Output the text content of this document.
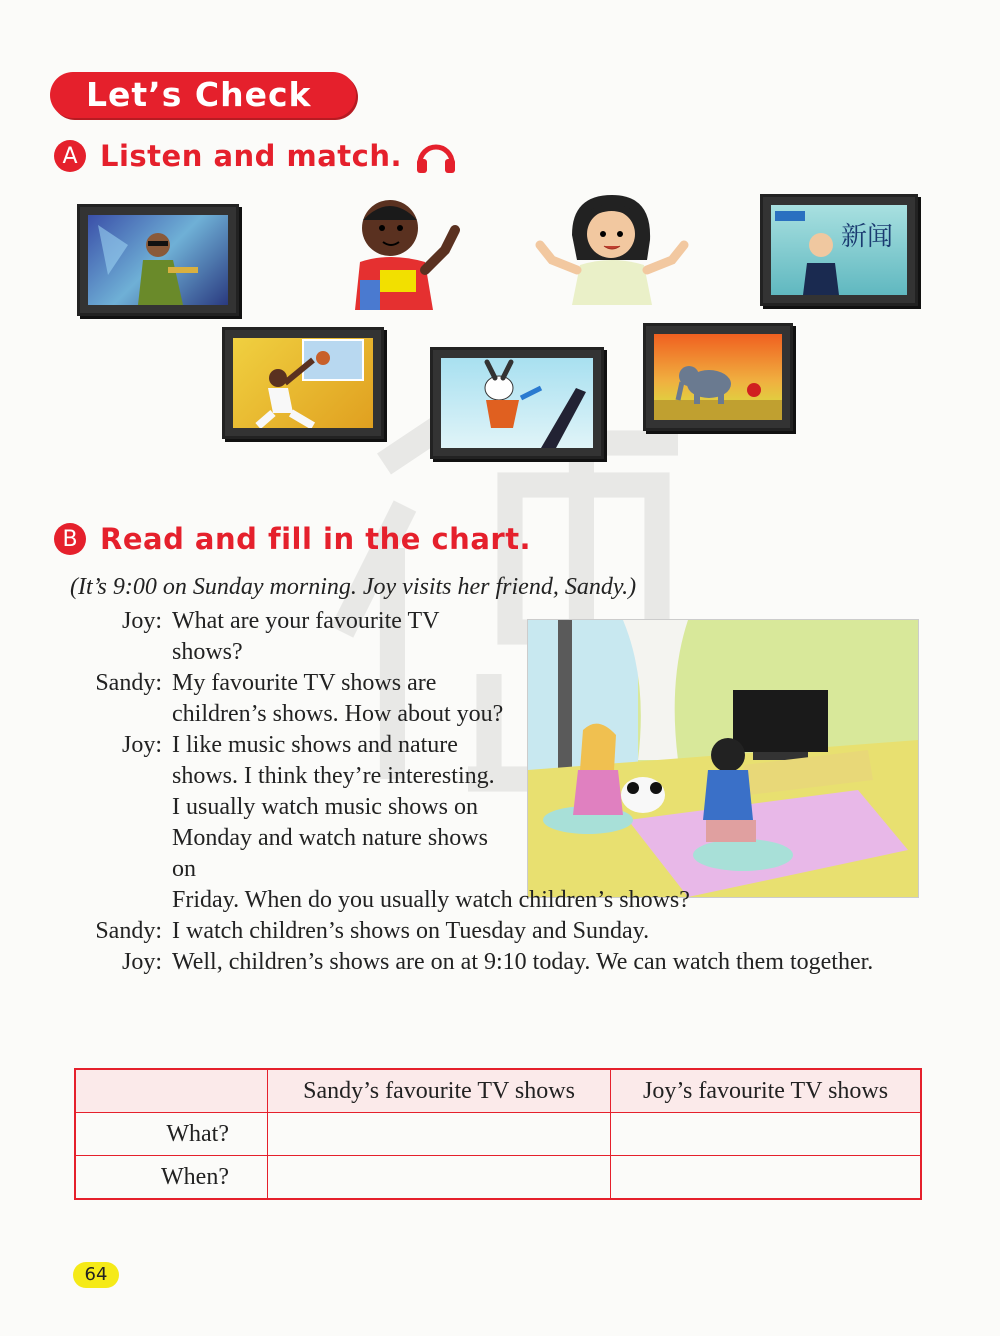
Let’s Check
A Listen and match.
新闻
B Read and fill in the chart.
(It’s 9:00 on Sunday morning. Joy visits her friend, Sandy.)
Joy: What are your favourite TV shows?
Sandy: My favourite TV shows are children’s shows. How about you?
Joy: I like music shows and nature shows. I think they’re interesting. I usually watch music shows on Monday and watch nature shows on
Friday. When do you usually watch children’s shows?
Sandy: I watch children’s shows on Tuesday and Sunday.
Joy: Well, children’s shows are on at 9:10 today. We can watch them together.
	Sandy’s favourite TV shows	Joy’s favourite TV shows
What?		
When?		
64
